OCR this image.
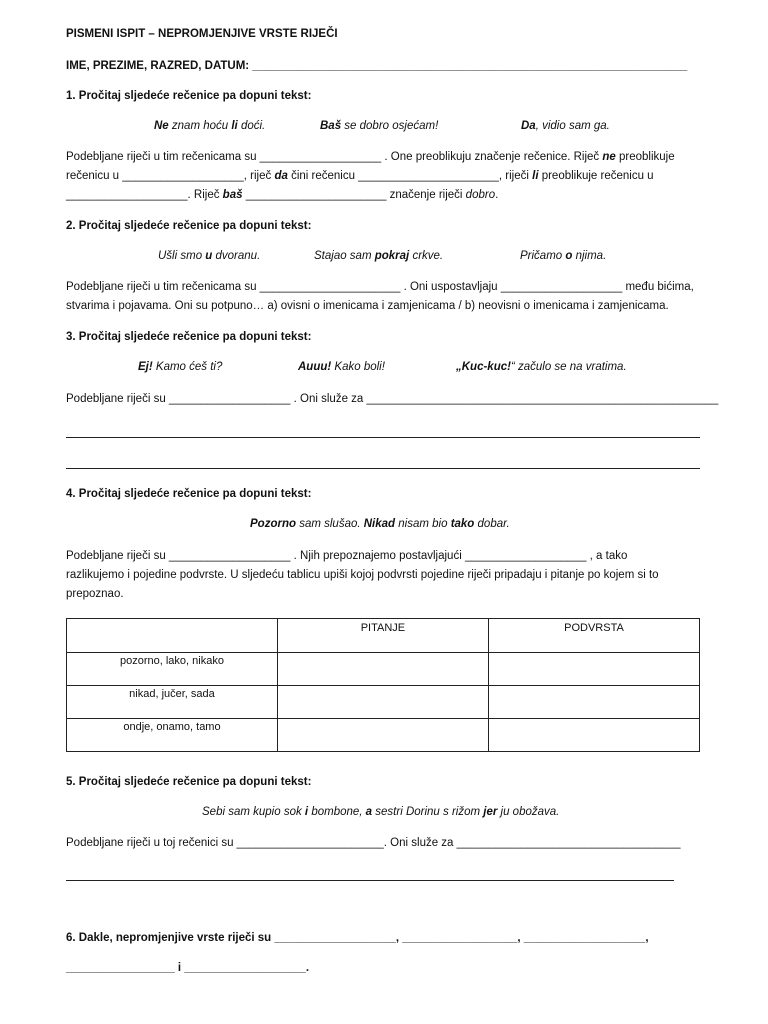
PISMENI ISPIT – NEPROMJENJIVE VRSTE RIJEČI
IME, PREZIME, RAZRED, DATUM: ____________________________________________________________________
1. Pročitaj sljedeće rečenice pa dopuni tekst:
Ne znam hoću li doći.	Baš se dobro osjećam!	Da, vidio sam ga.
Podebljane riječi u tim rečenicama su ___________________ . One preoblikuju značenje rečenice. Riječ ne preoblikuje
rečenicu u ___________________, riječ da čini rečenicu ______________________, riječi li preoblikuje rečenicu u
___________________. Riječ baš ______________________ značenje riječi dobro.
2. Pročitaj sljedeće rečenice pa dopuni tekst:
Ušli smo u dvoranu.	Stajao sam pokraj crkve.	Pričamo o njima.
Podebljane riječi u tim rečenicama su ______________________ . Oni uspostavljaju ___________________ među bićima,
stvarima i pojavama. Oni su potpuno… a) ovisni o imenicama i zamjenicama / b) neovisni o imenicama i zamjenicama.
3. Pročitaj sljedeće rečenice pa dopuni tekst:
Ej! Kamo ćeš ti?	Auuu! Kako boli!	„Kuc-kuc!“ začulo se na vratima.
Podebljane riječi su ___________________ . Oni služe za _______________________________________________________
4. Pročitaj sljedeće rečenice pa dopuni tekst:
Pozorno sam slušao. Nikad nisam bio tako dobar.
Podebljane riječi su ___________________ . Njih prepoznajemo postavljajući ___________________ , a tako
razlikujemo i pojedine podvrste. U sljedeću tablicu upiši kojoj podvrsti pojedine riječi pripadaju i pitanje po kojem si to
prepoznao.
	PITANJE	PODVRSTA
pozorno, lako, nikako		
nikad, jučer, sada		
ondje, onamo, tamo		
5. Pročitaj sljedeće rečenice pa dopuni tekst:
Sebi sam kupio sok i bombone, a sestri Dorinu s rižom jer ju obožava.
Podebljane riječi u toj rečenici su _______________________. Oni služe za ___________________________________
6. Dakle, nepromjenjive vrste riječi su ___________________, __________________, ___________________,
_________________ i ___________________.
